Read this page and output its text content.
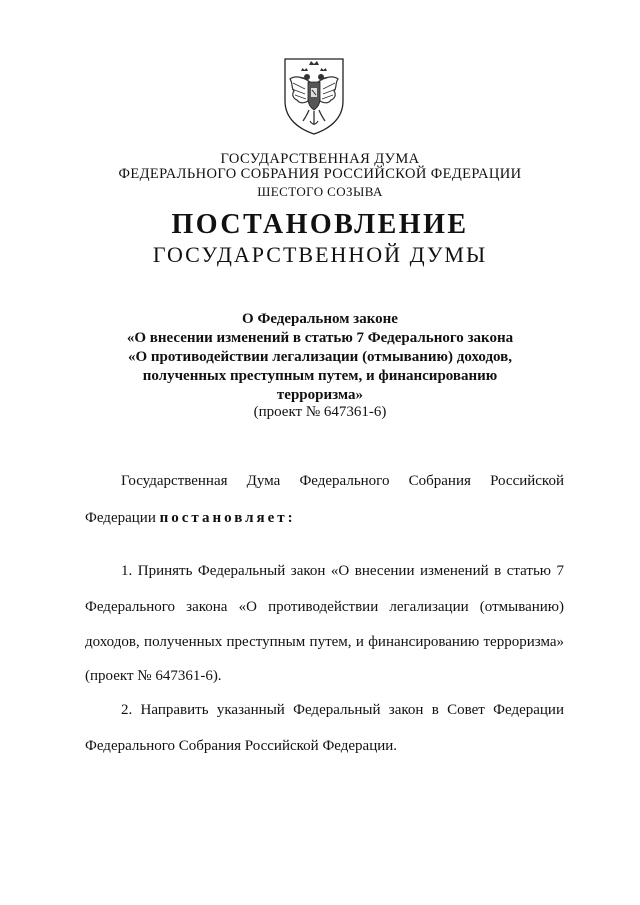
ГОСУДАРСТВЕННАЯ ДУМА
ФЕДЕРАЛЬНОГО СОБРАНИЯ РОССИЙСКОЙ ФЕДЕРАЦИИ
ШЕСТОГО СОЗЫВА
ПОСТАНОВЛЕНИЕ
ГОСУДАРСТВЕННОЙ ДУМЫ
О Федеральном законе
«О внесении изменений в статью 7 Федерального закона
«О противодействии легализации (отмыванию) доходов,
полученных преступным путем, и финансированию
терроризма»
(проект № 647361-6)
Государственная Дума Федерального Собрания Российской
Федерации постановляет:
1. Принять Федеральный закон «О внесении изменений в статью 7
Федерального закона «О противодействии легализации (отмыванию)
доходов, полученных преступным путем, и финансированию терроризма»
(проект № 647361-6).
2. Направить указанный Федеральный закон в Совет Федерации
Федерального Собрания Российской Федерации.
